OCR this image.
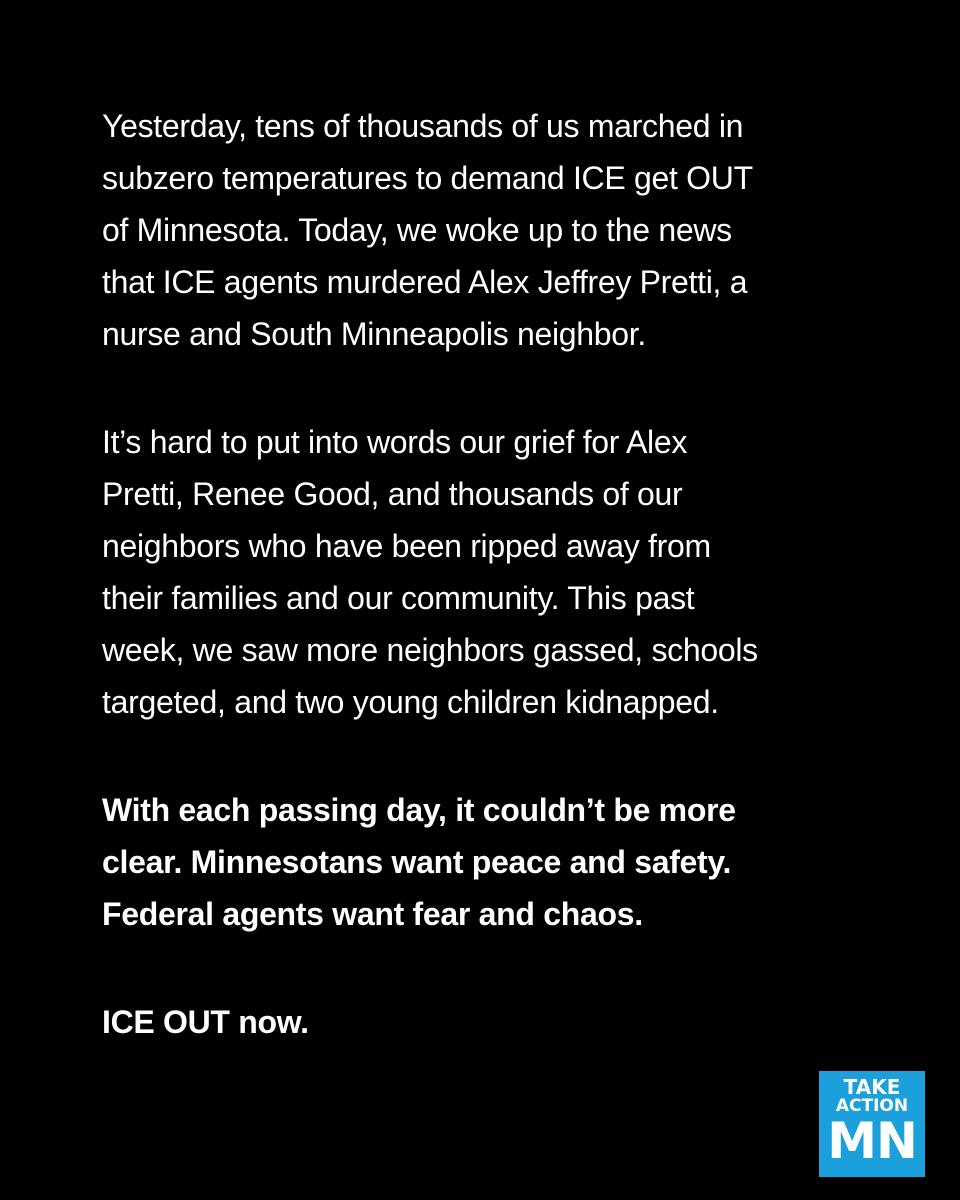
Yesterday, tens of thousands of us marched in
subzero temperatures to demand ICE get OUT
of Minnesota. Today, we woke up to the news
that ICE agents murdered Alex Jeffrey Pretti, a
nurse and South Minneapolis neighbor.

It’s hard to put into words our grief for Alex
Pretti, Renee Good, and thousands of our
neighbors who have been ripped away from
their families and our community. This past
week, we saw more neighbors gassed, schools
targeted, and two young children kidnapped.

With each passing day, it couldn’t be more
clear. Minnesotans want peace and safety.
Federal agents want fear and chaos.

ICE OUT now.

TAKE
ACTION
MN
